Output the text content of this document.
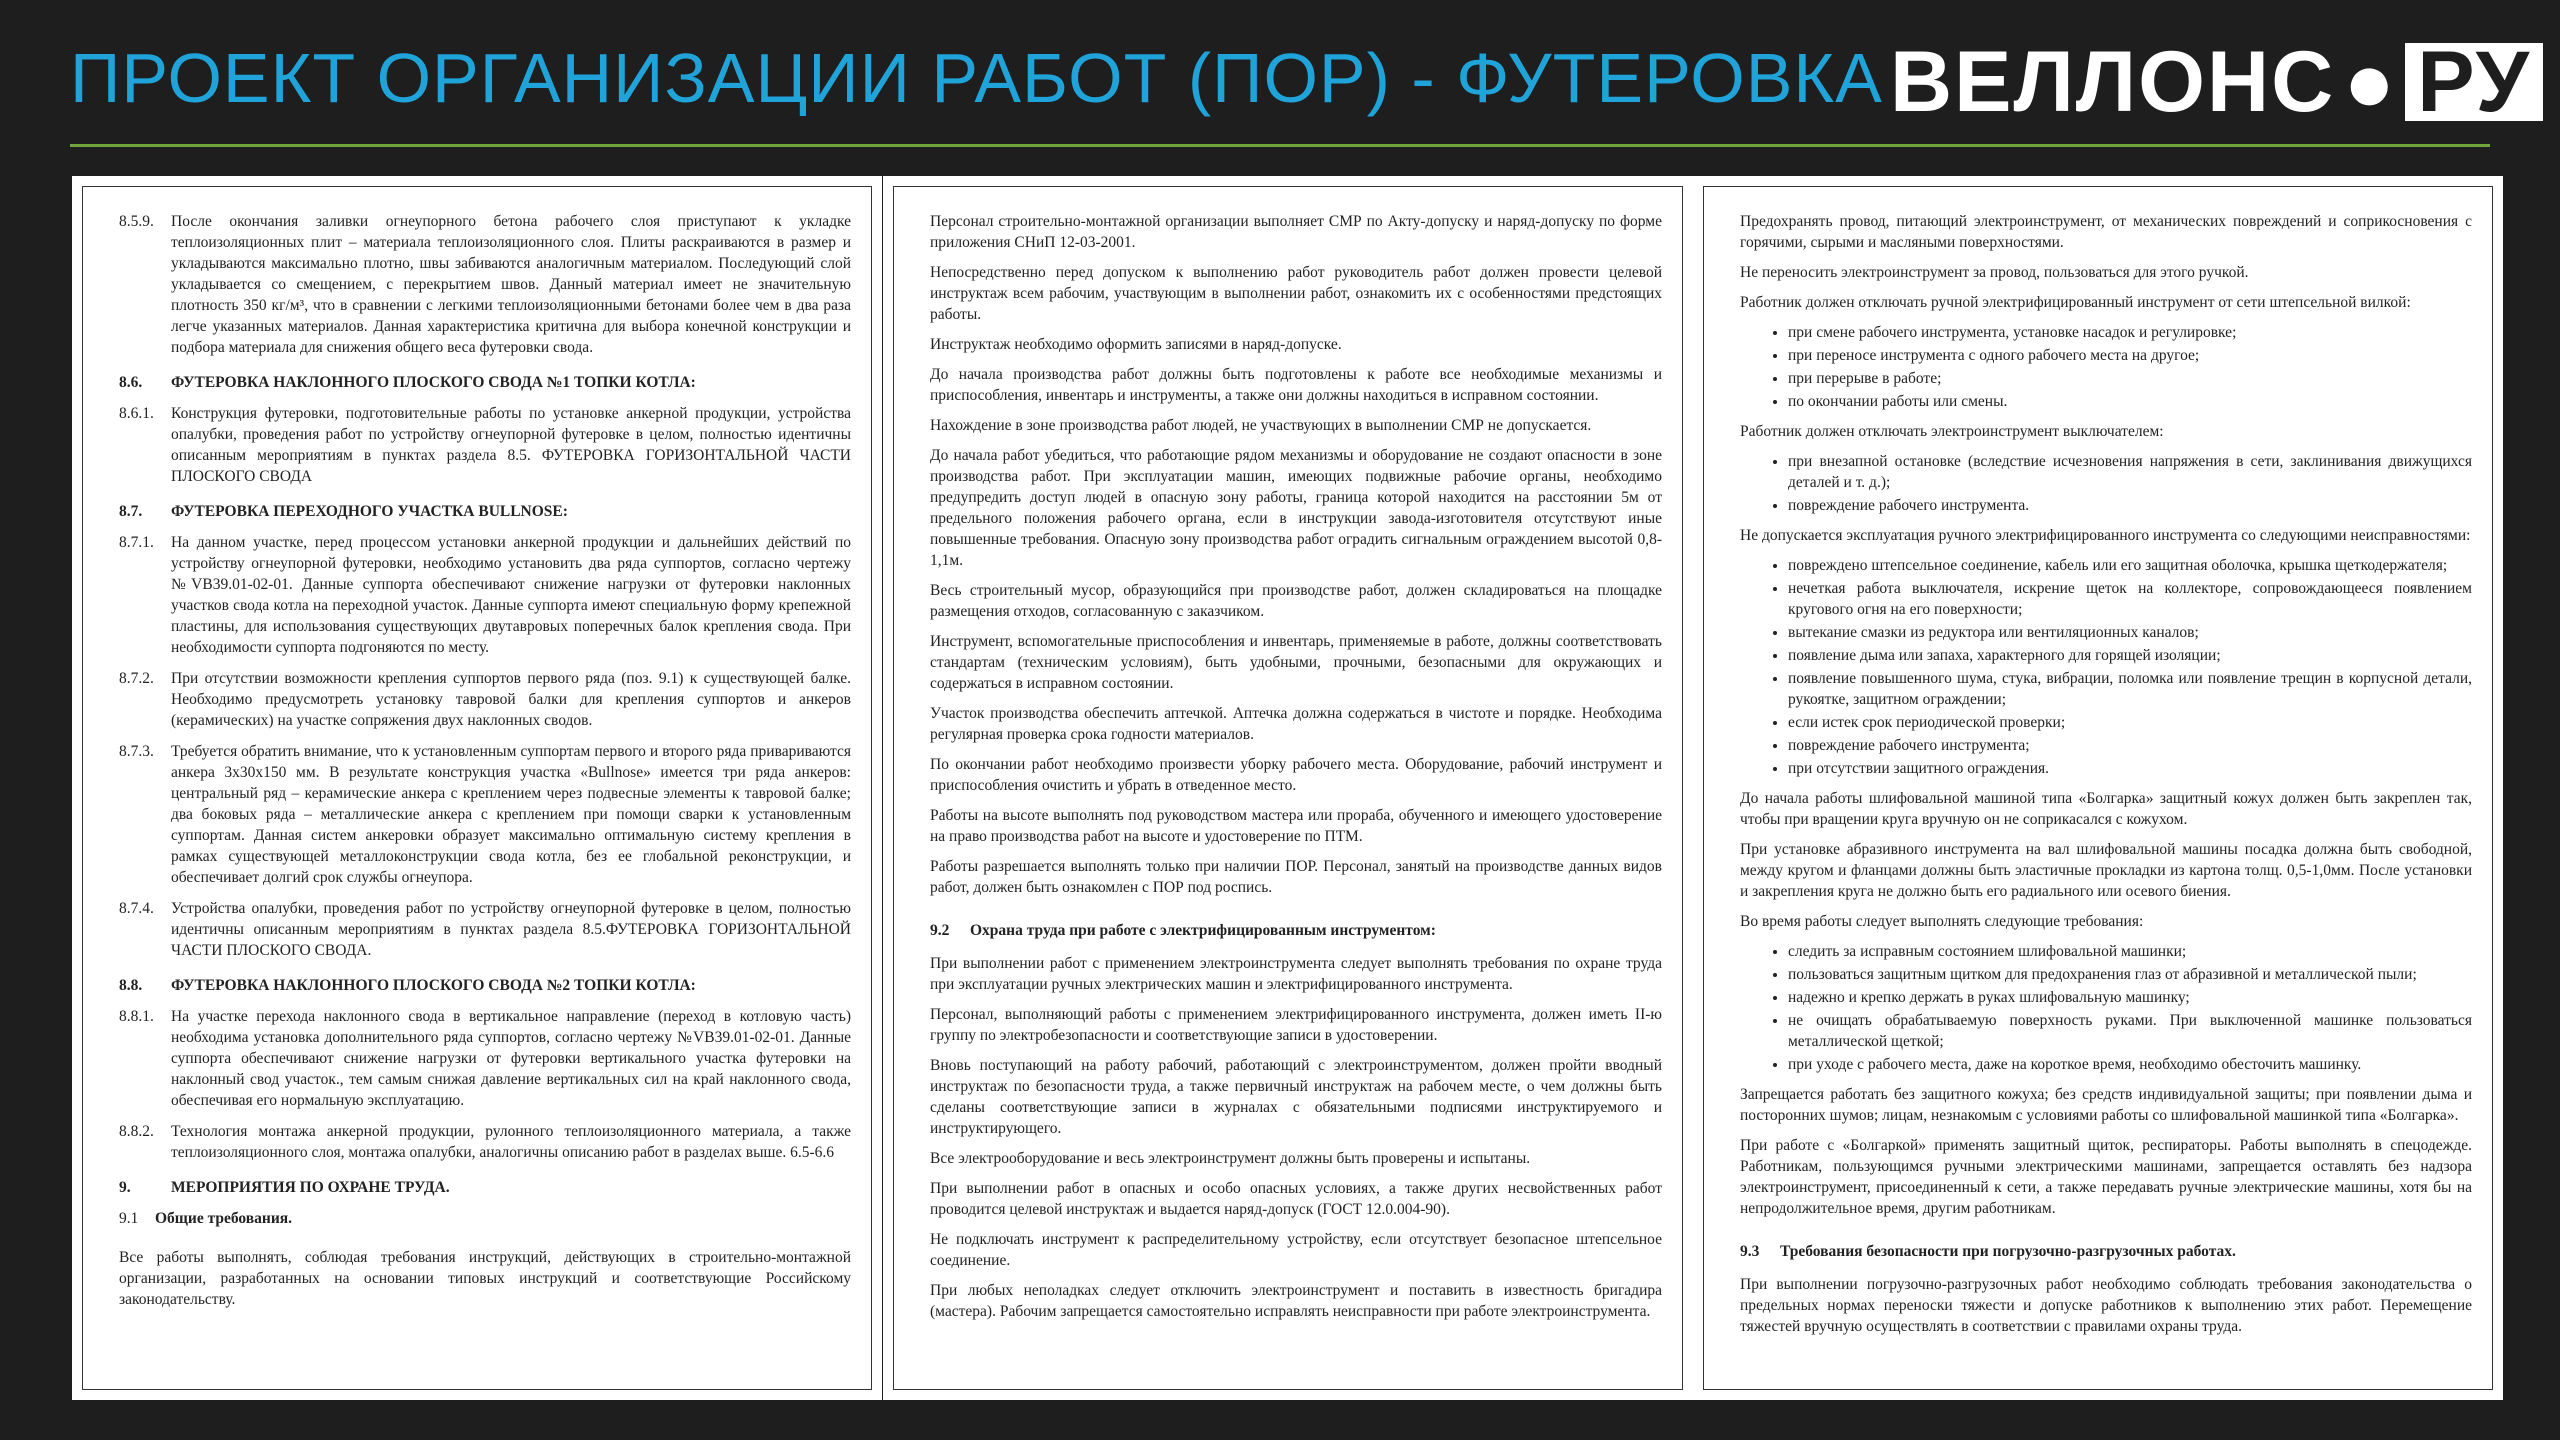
ПРОЕКТ ОРГАНИЗАЦИИ РАБОТ (ПОР) - ФУТЕРОВКА ВЕЛЛОНС ● РУ
8.5.9.	После окончания заливки огнеупорного бетона рабочего слоя приступают к укладке теплоизоляционных плит – материала теплоизоляционного слоя. Плиты раскраиваются в размер и укладываются максимально плотно, швы забиваются аналогичным материалом. Последующий слой укладывается со смещением, с перекрытием швов. Данный материал имеет не значительную плотность 350 кг/м³, что в сравнении с легкими теплоизоляционными бетонами более чем в два раза легче указанных материалов. Данная характеристика критична для выбора конечной конструкции и подбора материала для снижения общего веса футеровки свода.
8.6.	ФУТЕРОВКА НАКЛОННОГО ПЛОСКОГО СВОДА №1 ТОПКИ КОТЛА:
8.6.1.	Конструкция футеровки, подготовительные работы по установке анкерной продукции, устройства опалубки, проведения работ по устройству огнеупорной футеровке в целом, полностью идентичны описанным мероприятиям в пунктах раздела 8.5. ФУТЕРОВКА ГОРИЗОНТАЛЬНОЙ ЧАСТИ ПЛОСКОГО СВОДА
8.7.	ФУТЕРОВКА ПЕРЕХОДНОГО УЧАСТКА BULLNOSE:
8.7.1.	На данном участке, перед процессом установки анкерной продукции и дальнейших действий по устройству огнеупорной футеровки, необходимо установить два ряда суппортов, согласно чертежу №VB39.01-02-01. Данные суппорта обеспечивают снижение нагрузки от футеровки наклонных участков свода котла на переходной участок. Данные суппорта имеют специальную форму крепежной пластины, для использования существующих двутавровых поперечных балок крепления свода. При необходимости суппорта подгоняются по месту.
8.7.2.	При отсутствии возможности крепления суппортов первого ряда (поз. 9.1) к существующей балке. Необходимо предусмотреть установку тавровой балки для крепления суппортов и анкеров (керамических) на участке сопряжения двух наклонных сводов.
8.7.3.	Требуется обратить внимание, что к установленным суппортам первого и второго ряда привариваются анкера 3х30х150 мм. В результате конструкция участка «Bullnose» имеется три ряда анкеров: центральный ряд – керамические анкера с креплением через подвесные элементы к тавровой балке; два боковых ряда – металлические анкера с креплением при помощи сварки к установленным суппортам. Данная систем анкеровки образует максимально оптимальную систему крепления в рамках существующей металлоконструкции свода котла, без ее глобальной реконструкции, и обеспечивает долгий срок службы огнеупора.
8.7.4.	Устройства опалубки, проведения работ по устройству огнеупорной футеровке в целом, полностью идентичны описанным мероприятиям в пунктах раздела 8.5.ФУТЕРОВКА ГОРИЗОНТАЛЬНОЙ ЧАСТИ ПЛОСКОГО СВОДА.
8.8.	ФУТЕРОВКА НАКЛОННОГО ПЛОСКОГО СВОДА №2 ТОПКИ КОТЛА:
8.8.1.	На участке перехода наклонного свода в вертикальное направление (переход в котловую часть) необходима установка дополнительного ряда суппортов, согласно чертежу №VB39.01-02-01. Данные суппорта обеспечивают снижение нагрузки от футеровки вертикального участка футеровки на наклонный свод участок., тем самым снижая давление вертикальных сил на край наклонного свода, обеспечивая его нормальную эксплуатацию.
8.8.2.	Технология монтажа анкерной продукции, рулонного теплоизоляционного материала, а также теплоизоляционного слоя, монтажа опалубки, аналогичны описанию работ в разделах выше. 6.5-6.6
9.	МЕРОПРИЯТИЯ ПО ОХРАНЕ ТРУДА.
9.1	Общие требования.

Все работы выполнять, соблюдая требования инструкций, действующих в строительно-монтажной организации, разработанных на основании типовых инструкций и соответствующие Российскому законодательству.

Персонал строительно-монтажной организации выполняет СМР по Акту-допуску и наряд-допуску по форме приложения СНиП 12-03-2001.

Непосредственно перед допуском к выполнению работ руководитель работ должен провести целевой инструктаж всем рабочим, участвующим в выполнении работ, ознакомить их с особенностями предстоящих работы.

Инструктаж необходимо оформить записями в наряд-допуске.

До начала производства работ должны быть подготовлены к работе все необходимые механизмы и приспособления, инвентарь и инструменты, а также они должны находиться в исправном состоянии.

Нахождение в зоне производства работ людей, не участвующих в выполнении СМР не допускается.

До начала работ убедиться, что работающие рядом механизмы и оборудование не создают опасности в зоне производства работ. При эксплуатации машин, имеющих подвижные рабочие органы, необходимо предупредить доступ людей в опасную зону работы, граница которой находится на расстоянии 5м от предельного положения рабочего органа, если в инструкции завода-изготовителя отсутствуют иные повышенные требования. Опасную зону производства работ оградить сигнальным ограждением высотой 0,8-1,1м.

Весь строительный мусор, образующийся при производстве работ, должен складироваться на площадке размещения отходов, согласованную с заказчиком.

Инструмент, вспомогательные приспособления и инвентарь, применяемые в работе, должны соответствовать стандартам (техническим условиям), быть удобными, прочными, безопасными для окружающих и содержаться в исправном состоянии.

Участок производства обеспечить аптечкой. Аптечка должна содержаться в чистоте и порядке. Необходима регулярная проверка срока годности материалов.

По окончании работ необходимо произвести уборку рабочего места. Оборудование, рабочий инструмент и приспособления очистить и убрать в отведенное место.

Работы на высоте выполнять под руководством мастера или прораба, обученного и имеющего удостоверение на право производства работ на высоте и удостоверение по ПТМ.

Работы разрешается выполнять только при наличии ПОР. Персонал, занятый на производстве данных видов работ, должен быть ознакомлен с ПОР под роспись.

9.2	Охрана труда при работе с электрифицированным инструментом:

При выполнении работ с применением электроинструмента следует выполнять требования по охране труда при эксплуатации ручных электрических машин и электрифицированного инструмента.

Персонал, выполняющий работы с применением электрифицированного инструмента, должен иметь II-ю группу по электробезопасности и соответствующие записи в удостоверении.

Вновь поступающий на работу рабочий, работающий с электроинструментом, должен пройти вводный инструктаж по безопасности труда, а также первичный инструктаж на рабочем месте, о чем должны быть сделаны соответствующие записи в журналах с обязательными подписями инструктируемого и инструктирующего.

Все электрооборудование и весь электроинструмент должны быть проверены и испытаны.

При выполнении работ в опасных и особо опасных условиях, а также других несвойственных работ проводится целевой инструктаж и выдается наряд-допуск (ГОСТ 12.0.004-90).

Не подключать инструмент к распределительному устройству, если отсутствует безопасное штепсельное соединение.

При любых неполадках следует отключить электроинструмент и поставить в известность бригадира (мастера). Рабочим запрещается самостоятельно исправлять неисправности при работе электроинструмента.

Предохранять провод, питающий электроинструмент, от механических повреждений и соприкосновения с горячими, сырыми и масляными поверхностями.

Не переносить электроинструмент за провод, пользоваться для этого ручкой.

Работник должен отключать ручной электрифицированный инструмент от сети штепсельной вилкой:

• при смене рабочего инструмента, установке насадок и регулировке;
• при переносе инструмента с одного рабочего места на другое;
• при перерыве в работе;
• по окончании работы или смены.

Работник должен отключать электроинструмент выключателем:

• при внезапной остановке (вследствие исчезновения напряжения в сети, заклинивания движущихся деталей и т. д.);
• повреждение рабочего инструмента.

Не допускается эксплуатация ручного электрифицированного инструмента со следующими неисправностями:

• повреждено штепсельное соединение, кабель или его защитная оболочка, крышка щеткодержателя;
• нечеткая работа выключателя, искрение щеток на коллекторе, сопровождающееся появлением кругового огня на его поверхности;
• вытекание смазки из редуктора или вентиляционных каналов;
• появление дыма или запаха, характерного для горящей изоляции;
• появление повышенного шума, стука, вибрации, поломка или появление трещин в корпусной детали, рукоятке, защитном ограждении;
• если истек срок периодической проверки;
• повреждение рабочего инструмента;
• при отсутствии защитного ограждения.

До начала работы шлифовальной машиной типа «Болгарка» защитный кожух должен быть закреплен так, чтобы при вращении круга вручную он не соприкасался с кожухом.

При установке абразивного инструмента на вал шлифовальной машины посадка должна быть свободной, между кругом и фланцами должны быть эластичные прокладки из картона толщ. 0,5-1,0мм. После установки и закрепления круга не должно быть его радиального или осевого биения.

Во время работы следует выполнять следующие требования:

• следить за исправным состоянием шлифовальной машинки;
• пользоваться защитным щитком для предохранения глаз от абразивной и металлической пыли;
• надежно и крепко держать в руках шлифовальную машинку;
• не очищать обрабатываемую поверхность руками. При выключенной машинке пользоваться металлической щеткой;
• при уходе с рабочего места, даже на короткое время, необходимо обесточить машинку.

Запрещается работать без защитного кожуха; без средств индивидуальной защиты; при появлении дыма и посторонних шумов; лицам, незнакомым с условиями работы со шлифовальной машинкой типа «Болгарка».

При работе с «Болгаркой» применять защитный щиток, респираторы. Работы выполнять в спецодежде. Работникам, пользующимся ручными электрическими машинами, запрещается оставлять без надзора электроинструмент, присоединенный к сети, а также передавать ручные электрические машины, хотя бы на непродолжительное время, другим работникам.

9.3	Требования безопасности при погрузочно-разгрузочных работах.

При выполнении погрузочно-разгрузочных работ необходимо соблюдать требования законодательства о предельных нормах переноски тяжести и допуске работников к выполнению этих работ. Перемещение тяжестей вручную осуществлять в соответствии с правилами охраны труда.
